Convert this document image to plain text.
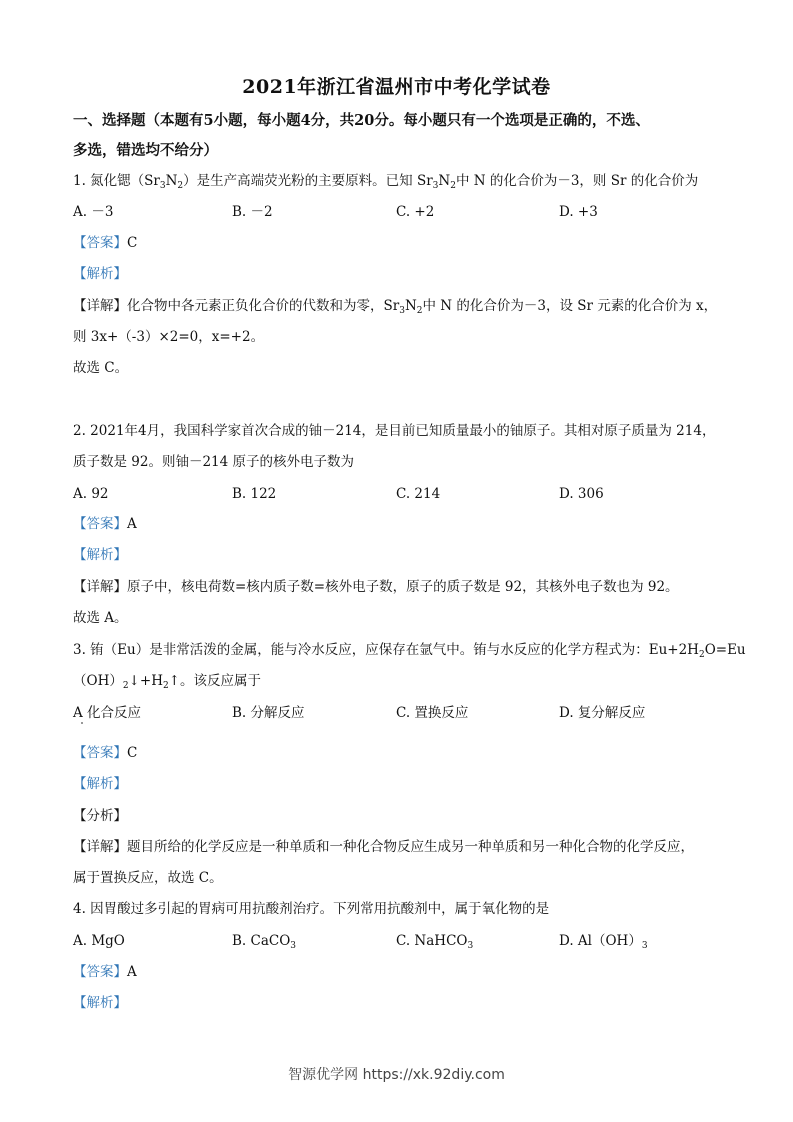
2021年浙江省温州市中考化学试卷
一、选择题（本题有5小题，每小题4分，共20分。每小题只有一个选项是正确的，不选、
多选，错选均不给分）
1. 氮化锶$(Sr_3N_2)$是生产高端荧光粉的主要原料。已知 $Sr_3N_2$中 N 的化合价为－3，则 Sr 的化合价为
A. －3	B. －2	C. +2	D. +3
【答案】C
【解析】
【详解】化合物中各元素正负化合价的代数和为零，$Sr_3N_2$中 N 的化合价为－3，设 Sr 元素的化合价为 x，
则 3x+（-3）×2=0，x=+2。
故选 C。
2. 2021年4月，我国科学家首次合成的铀－214，是目前已知质量最小的铀原子。其相对原子质量为 214，
质子数是 92。则铀－214 原子的核外电子数为
A. 92	B. 122	C. 214	D. 306
【答案】A
【解析】
【详解】原子中，核电荷数=核内质子数=核外电子数，原子的质子数是 92，其核外电子数也为 92。
故选 A。
3. 铕（Eu）是非常活泼的金属，能与冷水反应，应保存在氩气中。铕与水反应的化学方程式为：$Eu+2H_2O=Eu$
$(OH)_2↓+H_2↑$。该反应属于
A 化合反应	B. 分解反应	C. 置换反应	D. 复分解反应
【答案】C
【解析】
【分析】
【详解】题目所给的化学反应是一种单质和一种化合物反应生成另一种单质和另一种化合物的化学反应，
属于置换反应，故选 C。
4. 因胃酸过多引起的胃病可用抗酸剂治疗。下列常用抗酸剂中，属于氧化物的是
A. MgO	B. CaCO$_3$	C. NaHCO$_3$	D. $Al(OH)_3$
【答案】A
【解析】
智源优学网 https://xk.92diy.com
